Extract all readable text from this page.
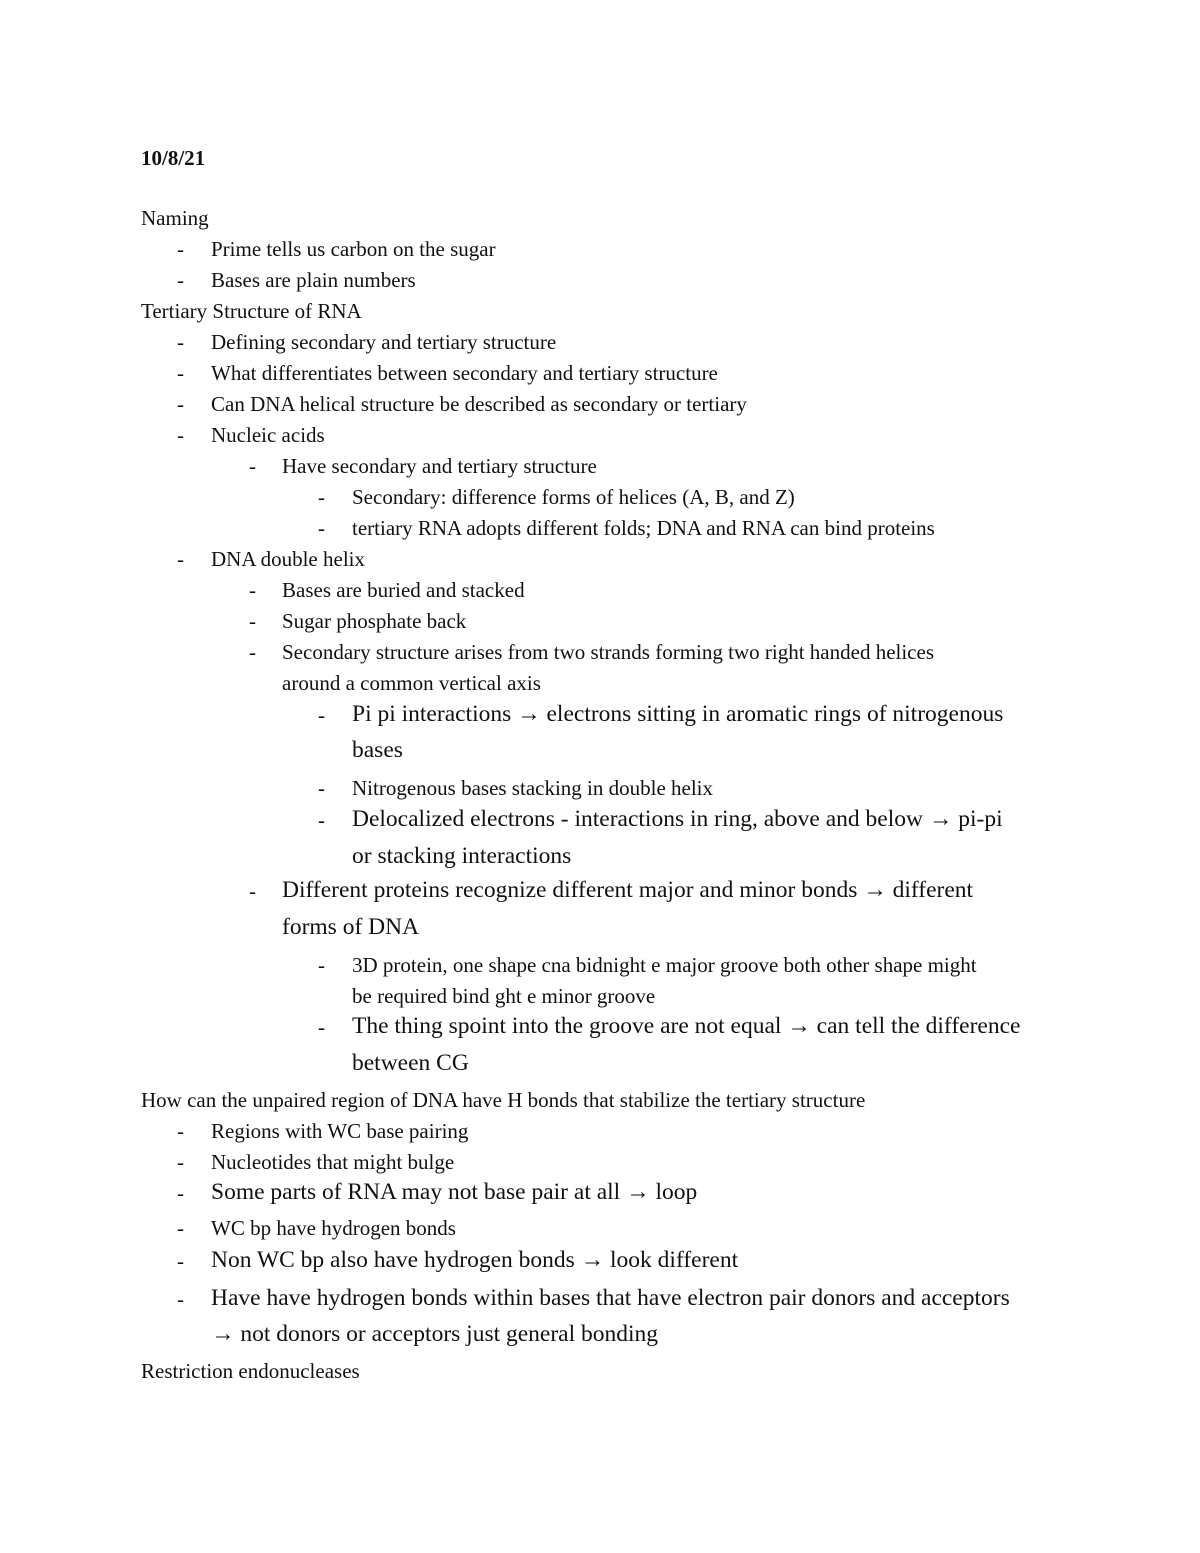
10/8/21
Naming
- Prime tells us carbon on the sugar
- Bases are plain numbers
Tertiary Structure of RNA
- Defining secondary and tertiary structure
- What differentiates between secondary and tertiary structure
- Can DNA helical structure be described as secondary or tertiary
- Nucleic acids
- Have secondary and tertiary structure
- Secondary: difference forms of helices (A, B, and Z)
- tertiary RNA adopts different folds; DNA and RNA can bind proteins
- DNA double helix
- Bases are buried and stacked
- Sugar phosphate back
- Secondary structure arises from two strands forming two right handed helices
around a common vertical axis
- Pi pi interactions → electrons sitting in aromatic rings of nitrogenous
bases
- Nitrogenous bases stacking in double helix
- Delocalized electrons - interactions in ring, above and below → pi-pi
or stacking interactions
- Different proteins recognize different major and minor bonds → different
forms of DNA
- 3D protein, one shape cna bidnight e major groove both other shape might
be required bind ght e minor groove
- The thing spoint into the groove are not equal → can tell the difference
between CG
How can the unpaired region of DNA have H bonds that stabilize the tertiary structure
- Regions with WC base pairing
- Nucleotides that might bulge
- Some parts of RNA may not base pair at all → loop
- WC bp have hydrogen bonds
- Non WC bp also have hydrogen bonds → look different
- Have have hydrogen bonds within bases that have electron pair donors and acceptors
→ not donors or acceptors just general bonding
Restriction endonucleases
